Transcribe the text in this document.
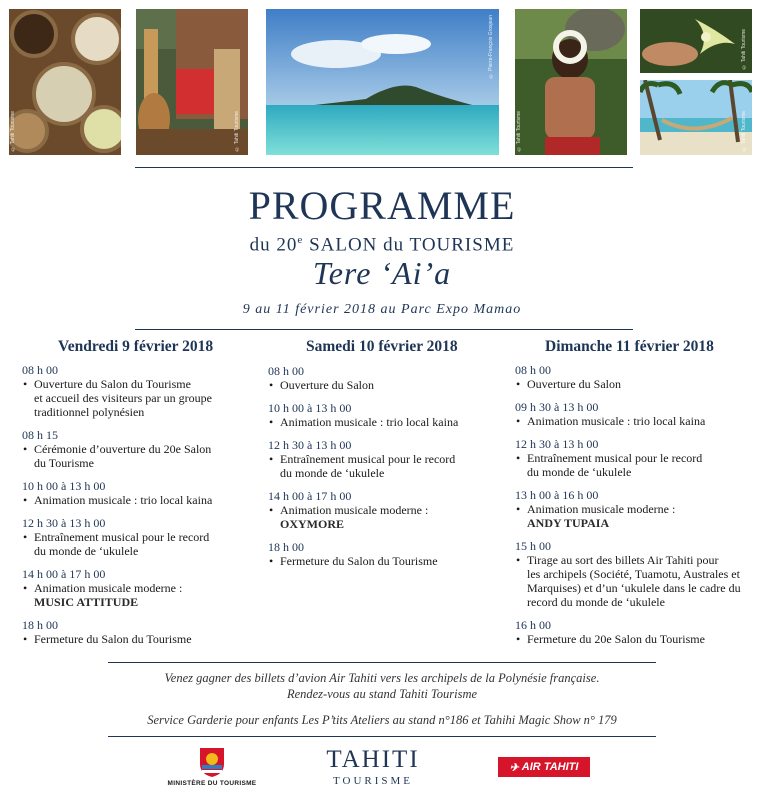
© Tahiti Tourisme	© Tahiti Tourisme
© Pierre-François Grosjean
© Tahiti Tourisme
© Tahiti Tourisme
© Tahiti Tourisme
PROGRAMME
du 20e SALON du TOURISME
Tere ‘Ai’a
9 au 11 février 2018 au Parc Expo Mamao
Vendredi 9 février 2018
08 h 00
• Ouverture du Salon du Tourisme
et accueil des visiteurs par un groupe
traditionnel polynésien
08 h 15
• Cérémonie d’ouverture du 20e Salon
du Tourisme
10 h 00 à 13 h 00
• Animation musicale : trio local kaina
12 h 30 à 13 h 00
• Entraînement musical pour le record
du monde de ‘ukulele
14 h 00 à 17 h 00
• Animation musicale moderne :
MUSIC ATTITUDE
18 h 00
• Fermeture du Salon du Tourisme
Samedi 10 février 2018
08 h 00
• Ouverture du Salon
10 h 00 à 13 h 00
• Animation musicale : trio local kaina
12 h 30 à 13 h 00
• Entraînement musical pour le record
du monde de ‘ukulele
14 h 00 à 17 h 00
• Animation musicale moderne :
OXYMORE
18 h 00
• Fermeture du Salon du Tourisme
Dimanche 11 février 2018
08 h 00
• Ouverture du Salon
09 h 30 à 13 h 00
• Animation musicale : trio local kaina
12 h 30 à 13 h 00
• Entraînement musical pour le record
du monde de ‘ukulele
13 h 00 à 16 h 00
• Animation musicale moderne :
ANDY TUPAIA
15 h 00
• Tirage au sort des billets Air Tahiti pour
les archipels (Société, Tuamotu, Australes et
Marquises) et d’un ‘ukulele dans le cadre du
record du monde de ‘ukulele
16 h 00
• Fermeture du 20e Salon du Tourisme
Venez gagner des billets d’avion Air Tahiti vers les archipels de la Polynésie française.
Rendez-vous au stand Tahiti Tourisme
Service Garderie pour enfants Les P’tits Ateliers au stand n°186 et Tahihi Magic Show n° 179
MINISTÈRE DU TOURISME
TAHITI
TOURISME
✈ AIR TAHITI
